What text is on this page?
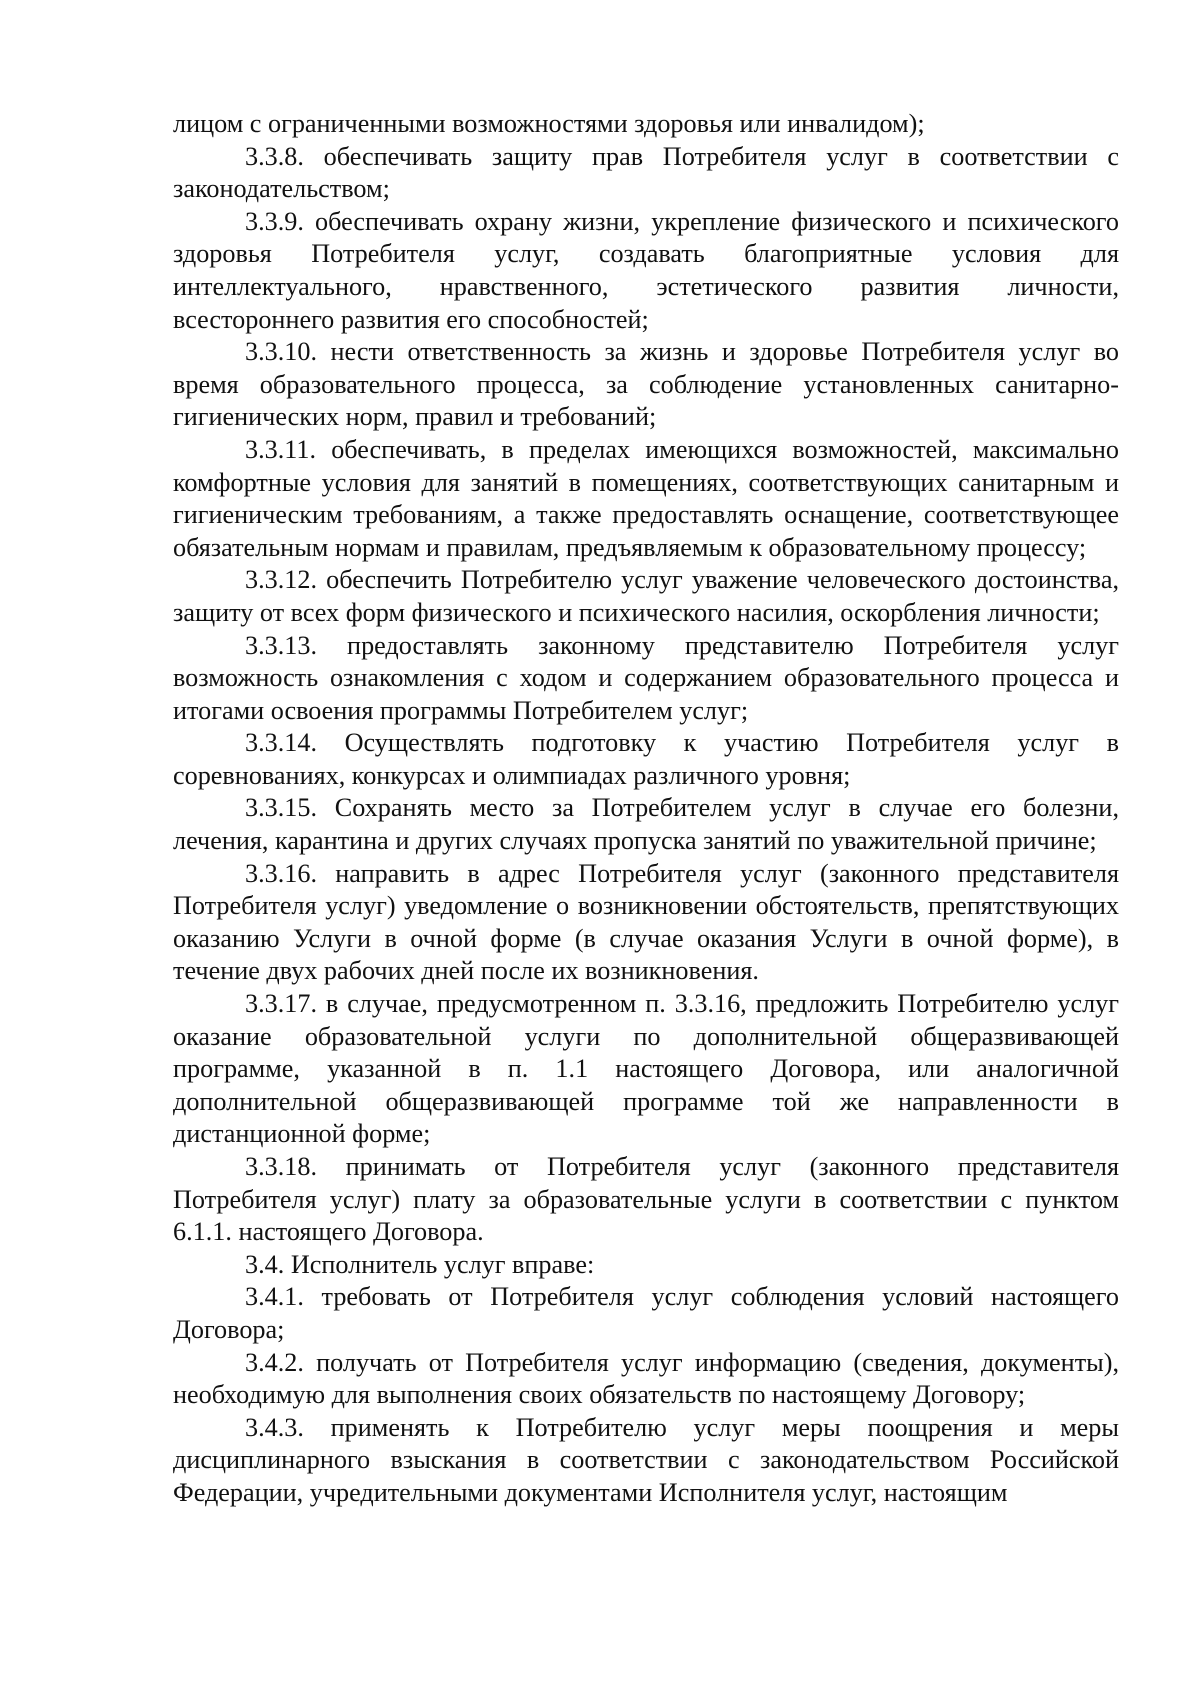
лицом с ограниченными возможностями здоровья или инвалидом);

3.3.8. обеспечивать защиту прав Потребителя услуг в соответствии с законодательством;

3.3.9. обеспечивать охрану жизни, укрепление физического и психического здоровья Потребителя услуг, создавать благоприятные условия для интеллектуального, нравственного, эстетического развития личности, всестороннего развития его способностей;

3.3.10. нести ответственность за жизнь и здоровье Потребителя услуг во время образовательного процесса, за соблюдение установленных санитарно-гигиенических норм, правил и требований;

3.3.11. обеспечивать, в пределах имеющихся возможностей, максимально комфортные условия для занятий в помещениях, соответствующих санитарным и гигиеническим требованиям, а также предоставлять оснащение, соответствующее обязательным нормам и правилам, предъявляемым к образовательному процессу;

3.3.12. обеспечить Потребителю услуг уважение человеческого достоинства, защиту от всех форм физического и психического насилия, оскорбления личности;

3.3.13. предоставлять законному представителю Потребителя услуг возможность ознакомления с ходом и содержанием образовательного процесса и итогами освоения программы Потребителем услуг;

3.3.14. Осуществлять подготовку к участию Потребителя услуг в соревнованиях, конкурсах и олимпиадах различного уровня;

3.3.15. Сохранять место за Потребителем услуг в случае его болезни, лечения, карантина и других случаях пропуска занятий по уважительной причине;

3.3.16. направить в адрес Потребителя услуг (законного представителя Потребителя услуг) уведомление о возникновении обстоятельств, препятствующих оказанию Услуги в очной форме (в случае оказания Услуги в очной форме), в течение двух рабочих дней после их возникновения.

3.3.17. в случае, предусмотренном п. 3.3.16, предложить Потребителю услуг оказание образовательной услуги по дополнительной общеразвивающей программе, указанной в п. 1.1 настоящего Договора, или аналогичной дополнительной общеразвивающей программе той же направленности в дистанционной форме;

3.3.18. принимать от Потребителя услуг (законного представителя Потребителя услуг) плату за образовательные услуги в соответствии с пунктом 6.1.1. настоящего Договора.

3.4. Исполнитель услуг вправе:

3.4.1. требовать от Потребителя услуг соблюдения условий настоящего Договора;

3.4.2. получать от Потребителя услуг информацию (сведения, документы), необходимую для выполнения своих обязательств по настоящему Договору;

3.4.3. применять к Потребителю услуг меры поощрения и меры дисциплинарного взыскания в соответствии с законодательством Российской Федерации, учредительными документами Исполнителя услуг, настоящим
